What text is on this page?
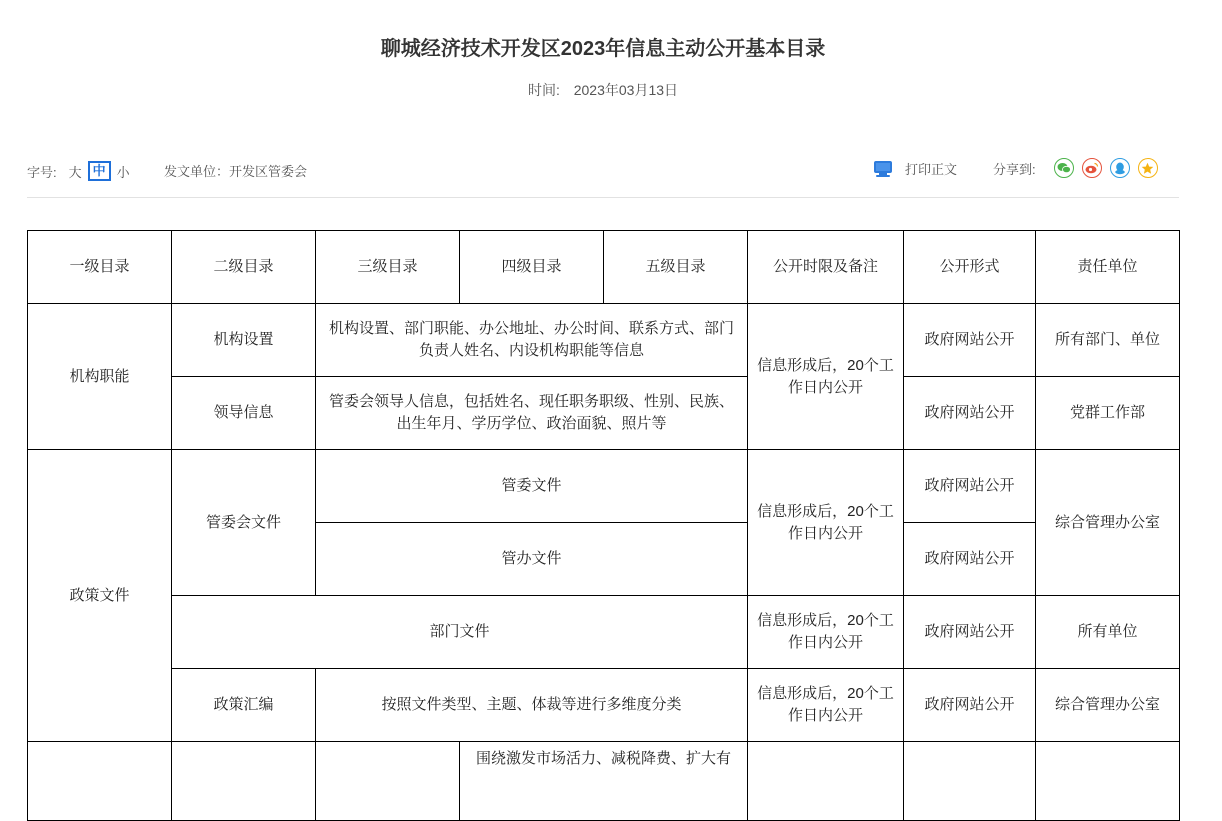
聊城经济技术开发区2023年信息主动公开基本目录
时间: 2023年03月13日
字号: 大 中 小	发文单位：开发区管委会	打印正文	分享到:
一级目录	二级目录	三级目录	四级目录	五级目录	公开时限及备注	公开形式	责任单位
机构职能	机构设置	机构设置、部门职能、办公地址、办公时间、联系方式、部门负责人姓名、内设机构职能等信息			信息形成后，20个工作日内公开	政府网站公开	所有部门、单位
	领导信息	管委会领导人信息，包括姓名、现任职务职级、性别、民族、出生年月、学历学位、政治面貌、照片等				政府网站公开	党群工作部
政策文件	管委会文件	管委文件			信息形成后，20个工作日内公开	政府网站公开	综合管理办公室
		管办文件				政府网站公开	
	部门文件				信息形成后，20个工作日内公开	政府网站公开	所有单位
	政策汇编	按照文件类型、主题、体裁等进行多维度分类			信息形成后，20个工作日内公开	政府网站公开	综合管理办公室
			围绕激发市场活力、减税降费、扩大有				
